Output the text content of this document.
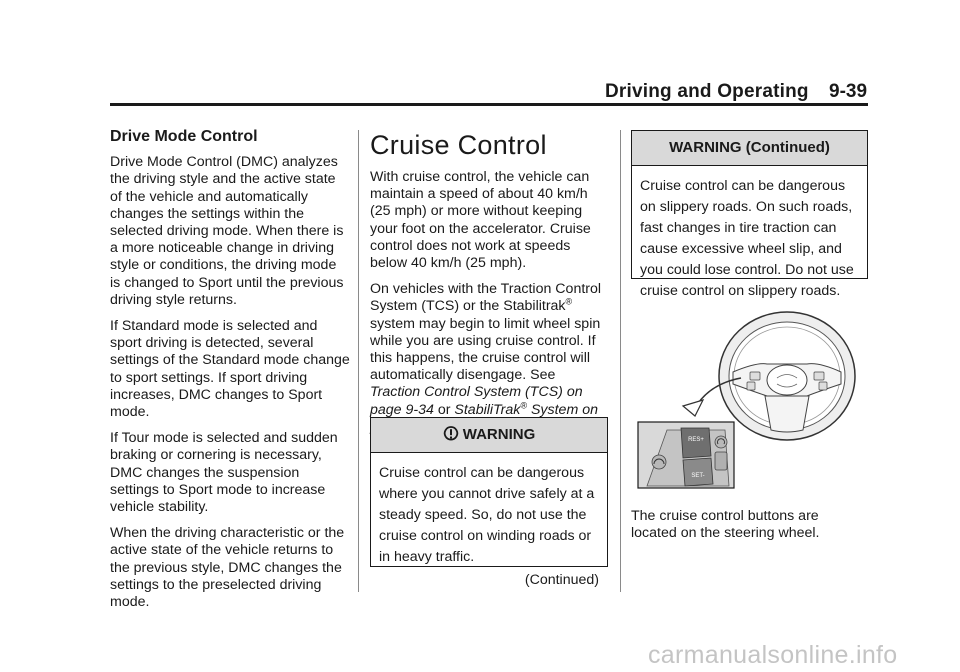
Driving and Operating 9-39
Drive Mode Control

Drive Mode Control (DMC) analyzes the driving style and the active state of the vehicle and automatically changes the settings within the selected driving mode. When there is a more noticeable change in driving style or conditions, the driving mode is changed to Sport until the previous driving style returns.

If Standard mode is selected and sport driving is detected, several settings of the Standard mode change to sport settings. If sport driving increases, DMC changes to Sport mode.

If Tour mode is selected and sudden braking or cornering is necessary, DMC changes the suspension settings to Sport mode to increase vehicle stability.

When the driving characteristic or the active state of the vehicle returns to the previous style, DMC changes the settings to the preselected driving mode.

Cruise Control

With cruise control, the vehicle can maintain a speed of about 40 km/h (25 mph) or more without keeping your foot on the accelerator. Cruise control does not work at speeds below 40 km/h (25 mph).

On vehicles with the Traction Control System (TCS) or the Stabilitrak® system may begin to limit wheel spin while you are using cruise control. If this happens, the cruise control will automatically disengage. See Traction Control System (TCS) on page 9-34 or StabiliTrak® System on

WARNING
Cruise control can be dangerous where you cannot drive safely at a steady speed. So, do not use the cruise control on winding roads or in heavy traffic.
(Continued)
WARNING (Continued)
Cruise control can be dangerous on slippery roads. On such roads, fast changes in tire traction can cause excessive wheel slip, and you could lose control. Do not use cruise control on slippery roads.
RES+
SET-
The cruise control buttons are located on the steering wheel.
carmanualsonline.info
